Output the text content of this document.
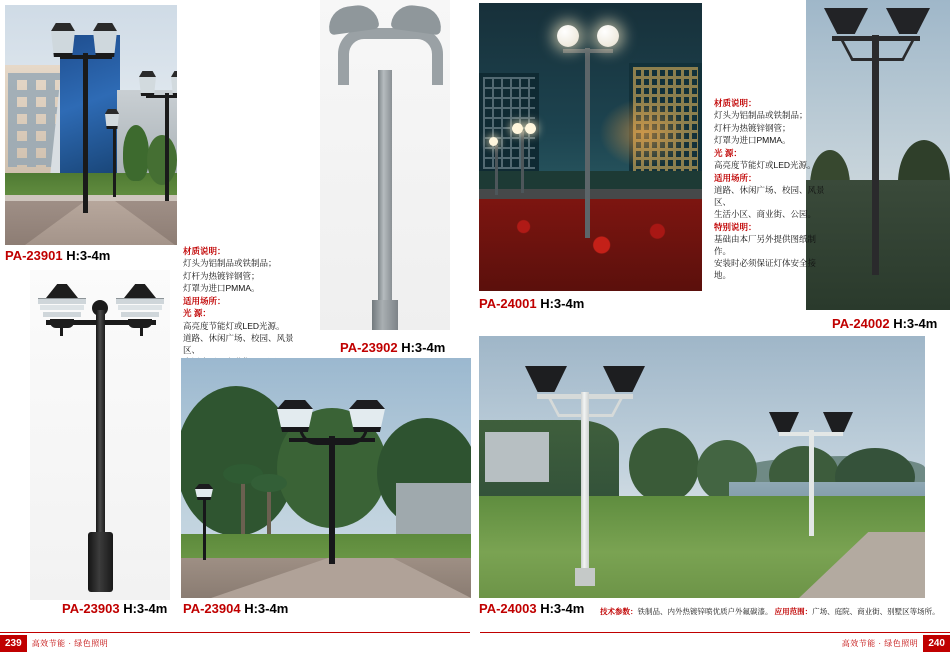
PA-23901 H:3-4m	材质说明：

灯头为铝制品或铁制品；

灯杆为热镀锌钢管；

灯罩为进口PMMA。

适用场所：

光 源：

高亮度节能灯或LED光源。

道路、休闲广场、校园、风景区、	PA-23902 H:3-4m
PA-24001 H:3-4m
PA-24002 H:3-4m

材质说明：

灯头为铝制品或铁制品；

灯杆为热镀锌钢管；

灯罩为进口PMMA。

光 源：

高亮度节能灯或LED光源。

适用场所：

道路、休闲广场、校园、风景区、

生活小区、商业街、公园。

特别说明：

基础由本厂另外提供图纸制作。

安装时必须保证灯体安全接地。

PA-23903 H:3-4m PA-23904 H:3-4m	PA-24003 H:3-4m 技术参数：铁制品、内外热镀锌喷优质户外氟碳漆。 应用范围：广场、庭院、商业街、别墅区等场所。
239	高效节能 · 绿色照明	高效节能 · 绿色照明	240
